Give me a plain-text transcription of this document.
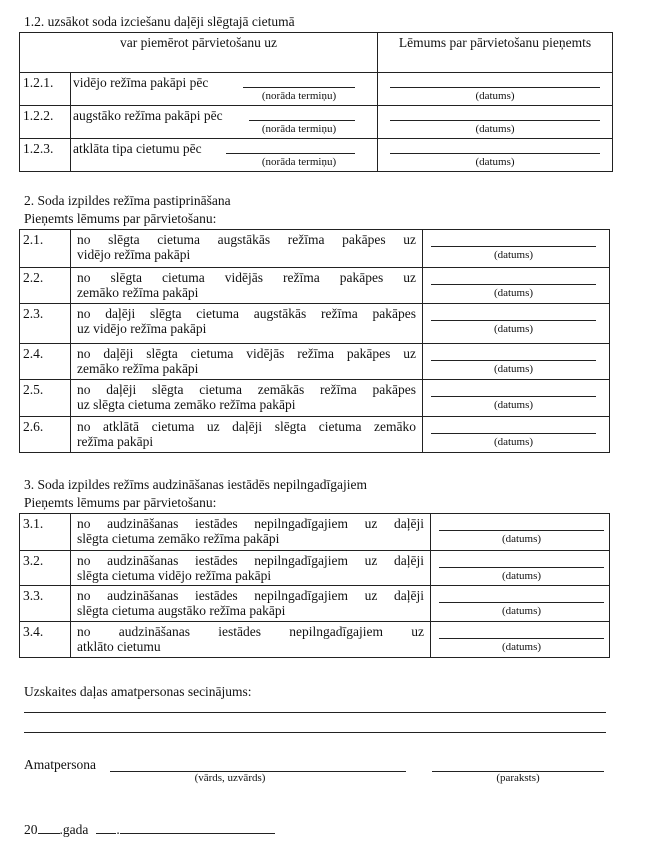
1.2. uzsākot soda izciešanu daļēji slēgtajā cietumā
var piemērot pārvietošanu uz		Lēmums par pārvietošanu pieņemts
1.2.1.	vidējo režīma pakāpi pēc
(norāda termiņu)	(datums)

1.2.2.	augstāko režīma pakāpi pēc
(norāda termiņu)	(datums)

1.2.3.	atklāta tipa cietumu pēc
(norāda termiņu)	(datums)
2. Soda izpildes režīma pastiprināšana
Pieņemts lēmums par pārvietošanu:
2.1.	no slēgta cietuma augstākās režīma pakāpes uz
vidējo režīma pakāpi	(datums)

2.2.	no slēgta cietuma vidējās režīma pakāpes uz
zemāko režīma pakāpi	(datums)

2.3.	no daļēji slēgta cietuma augstākās režīma pakāpes
uz vidējo režīma pakāpi	(datums)

2.4.	no daļēji slēgta cietuma vidējās režīma pakāpes uz
zemāko režīma pakāpi	(datums)

2.5.	no daļēji slēgta cietuma zemākās režīma pakāpes
uz slēgta cietuma zemāko režīma pakāpi	(datums)

2.6.	no atklātā cietuma uz daļēji slēgta cietuma zemāko
režīma pakāpi	(datums)
3. Soda izpildes režīms audzināšanas iestādēs nepilngadīgajiem
Pieņemts lēmums par pārvietošanu:
3.1.	no audzināšanas iestādes nepilngadīgajiem uz daļēji
slēgta cietuma zemāko režīma pakāpi	(datums)

3.2.	no audzināšanas iestādes nepilngadīgajiem uz daļēji
slēgta cietuma vidējo režīma pakāpi	(datums)

3.3.	no audzināšanas iestādes nepilngadīgajiem uz daļēji
slēgta cietuma augstāko režīma pakāpi	(datums)

3.4.	no audzināšanas iestādes nepilngadīgajiem uz
atklāto cietumu	(datums)
Uzskaites daļas amatpersonas secinājums:
Amatpersona
(vārds, uzvārds)	(paraksts)
20 .gada .
